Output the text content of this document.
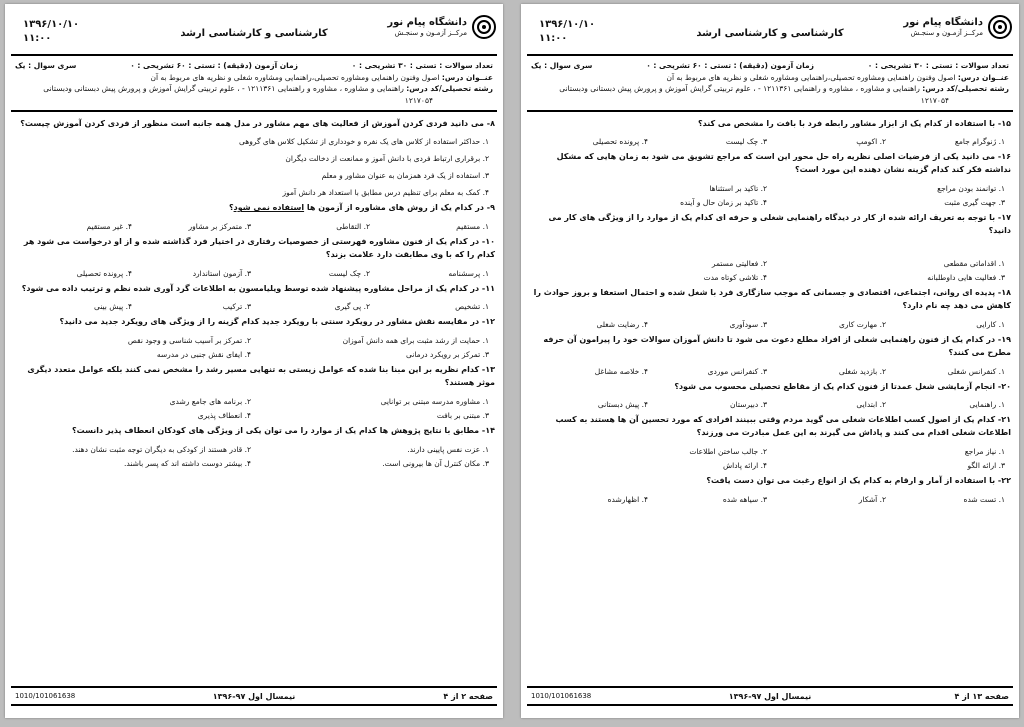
دانشگاه پیام نور
مرکــز آزمـون و سنجـش
کارشناسی و کارشناسی ارشد
۱۳۹۶/۱۰/۱۰
۱۱:۰۰
تعداد سوالات : تستی : ۳۰ تشریحی : ۰
زمان آزمون (دقیقه) : تستی : ۶۰ تشریحی : ۰
سری سوال : یک
عنــوان درس: اصول وفنون راهنمایی ومشاوره تحصیلی،راهنمایی ومشاوره شغلی و نظریه های مربوط به آن
رشته تحصیلی/کد درس: راهنمایی و مشاوره ، مشاوره و راهنمایی ۱۲۱۱۳۶۱ - ، علوم تربیتی گرایش آموزش و پرورش پیش دبستانی ودبستانی
۱۲۱۷۰۵۴
۸- می دانید فردی کردن آموزش از فعالیت های مهم مشاور در مدل همه جانبه است منظور از فردی کردن آموزش چیست؟
۱. حداکثر استفاده از کلاس های یک نفره و خودداری از تشکیل کلاس های گروهی
۲. برقراری ارتباط فردی با دانش آموز و ممانعت از دخالت دیگران
۳. استفاده از یک فرد همزمان به عنوان مشاور و معلم
۴. کمک به معلم برای تنظیم درس مطابق با استعداد هر دانش آموز
۹- در کدام یک از روش های مشاوره از آزمون ها استفاده نمی شود؟
۱. مستقیم
۲. التقاطی
۳. متمرکز بر مشاور
۴. غیر مستقیم
۱۰- در کدام یک از فنون مشاوره فهرستی از خصوصیات رفتاری در اختیار فرد گذاشته شده و از او درخواست می شود هر کدام را که با وی مطابقت دارد علامت بزند؟
۱. پرسشنامه
۲. چک لیست
۳. آزمون استاندارد
۴. پرونده تحصیلی
۱۱- در کدام یک از مراحل مشاوره پیشنهاد شده توسط ویلیامسون به اطلاعات گرد آوری شده نظم و ترتیب داده می شود؟
۱. تشخیص
۲. پی گیری
۳. ترکیب
۴. پیش بینی
۱۲- در مقایسه نقش مشاور در رویکرد سنتی با رویکرد جدید کدام گزینه را از ویژگی های رویکرد جدید می دانید؟
۱. حمایت از رشد مثبت برای همه دانش آموزان
۲. تمرکز بر آسیب شناسی و وجود نقص
۳. تمرکز بر رویکرد درمانی
۴. ایفای نقش جنبی در مدرسه
۱۳- کدام نظریه بر این مبنا بنا شده که عوامل زیستی به تنهایی مسیر رشد را مشخص نمی کنند بلکه عوامل متعدد دیگری موثر هستند؟
۱. مشاوره مدرسه مبتنی بر توانایی
۲. برنامه های جامع رشدی
۳. مبتنی بر بافت
۴. انعطاف پذیری
۱۴- مطابق با نتایج پژوهش ها کدام یک از موارد را می توان یکی از ویژگی های کودکان انعطاف پذیر دانست؟
۱. عزت نفس پایینی دارند.
۲. قادر هستند از کودکی به دیگران توجه مثبت نشان دهند.
۳. مکان کنترل آن ها بیرونی است.
۴. بیشتر دوست داشته اند که پسر باشند.
صفحه ۲ از ۴
نیمسال اول ۹۷-۱۳۹۶
1010/101061638
دانشگاه پیام نور
مرکــز آزمـون و سنجـش
کارشناسی و کارشناسی ارشد
۱۳۹۶/۱۰/۱۰
۱۱:۰۰
تعداد سوالات : تستی : ۳۰ تشریحی : ۰
زمان آزمون (دقیقه) : تستی : ۶۰ تشریحی : ۰
سری سوال : یک
عنــوان درس: اصول وفنون راهنمایی ومشاوره تحصیلی،راهنمایی ومشاوره شغلی و نظریه های مربوط به آن
رشته تحصیلی/کد درس: راهنمایی و مشاوره ، مشاوره و راهنمایی ۱۲۱۱۳۶۱ - ، علوم تربیتی گرایش آموزش و پرورش پیش دبستانی ودبستانی
۱۲۱۷۰۵۴
۱۵- با استفاده از کدام یک از ابزار مشاور رابطه فرد با بافت را مشخص می کند؟
۱. ژنوگرام جامع
۲. اکومپ
۳. چک لیست
۴. پرونده تحصیلی
۱۶- می دانید یکی از فرضیات اصلی نظریه راه حل محور این است که مراجع تشویق می شود به زمان هایی که مشکل نداشته فکر کند کدام گزینه نشان دهنده این مورد است؟
۱. توانمند بودن مراجع
۲. تاکید بر استثناها
۳. جهت گیری مثبت
۴. تاکید بر زمان حال و آینده
۱۷- با توجه به تعریف ارائه شده از کار در دیدگاه راهنمایی شغلی و حرفه ای کدام یک از موارد را از ویژگی های کار می دانید؟
۱. اقداماتی مقطعی
۲. فعالیتی مستمر
۳. فعالیت هایی داوطلبانه
۴. تلاشی کوتاه مدت
۱۸- پدیده ای روانی، اجتماعی، اقتصادی و جسمانی که موجب سازگاری فرد با شغل شده و احتمال استعفا و بروز حوادث را کاهش می دهد چه نام دارد؟
۱. کارایی
۲. مهارت کاری
۳. سودآوری
۴. رضایت شغلی
۱۹- در کدام یک از فنون راهنمایی شغلی از افراد مطلع دعوت می شود تا دانش آموزان سوالات خود را پیرامون آن حرفه مطرح می کنند؟
۱. کنفرانس شغلی
۲. بازدید شغلی
۳. کنفرانس موردی
۴. خلاصه مشاغل
۲۰- انجام آزمایشی شغل عمدتا از فنون کدام یک از مقاطع تحصیلی محسوب می شود؟
۱. راهنمایی
۲. ابتدایی
۳. دبیرستان
۴. پیش دبستانی
۲۱- کدام یک از اصول کسب اطلاعات شغلی می گوید مردم وقتی ببینند افرادی که مورد تحسین آن ها هستند به کسب اطلاعات شغلی اقدام می کنند و پاداش می گیرند به این عمل مبادرت می ورزند؟
۱. نیاز مراجع
۲. جالب ساختن اطلاعات
۳. ارائه الگو
۴. ارائه پاداش
۲۲- با استفاده از آمار و ارقام به کدام یک از انواع رغبت می توان دست یافت؟
۱. تست شده
۲. آشکار
۳. سیاهه شده
۴. اظهارشده
صفحه ۱۳ از ۴
نیمسال اول ۹۷-۱۳۹۶
1010/101061638
